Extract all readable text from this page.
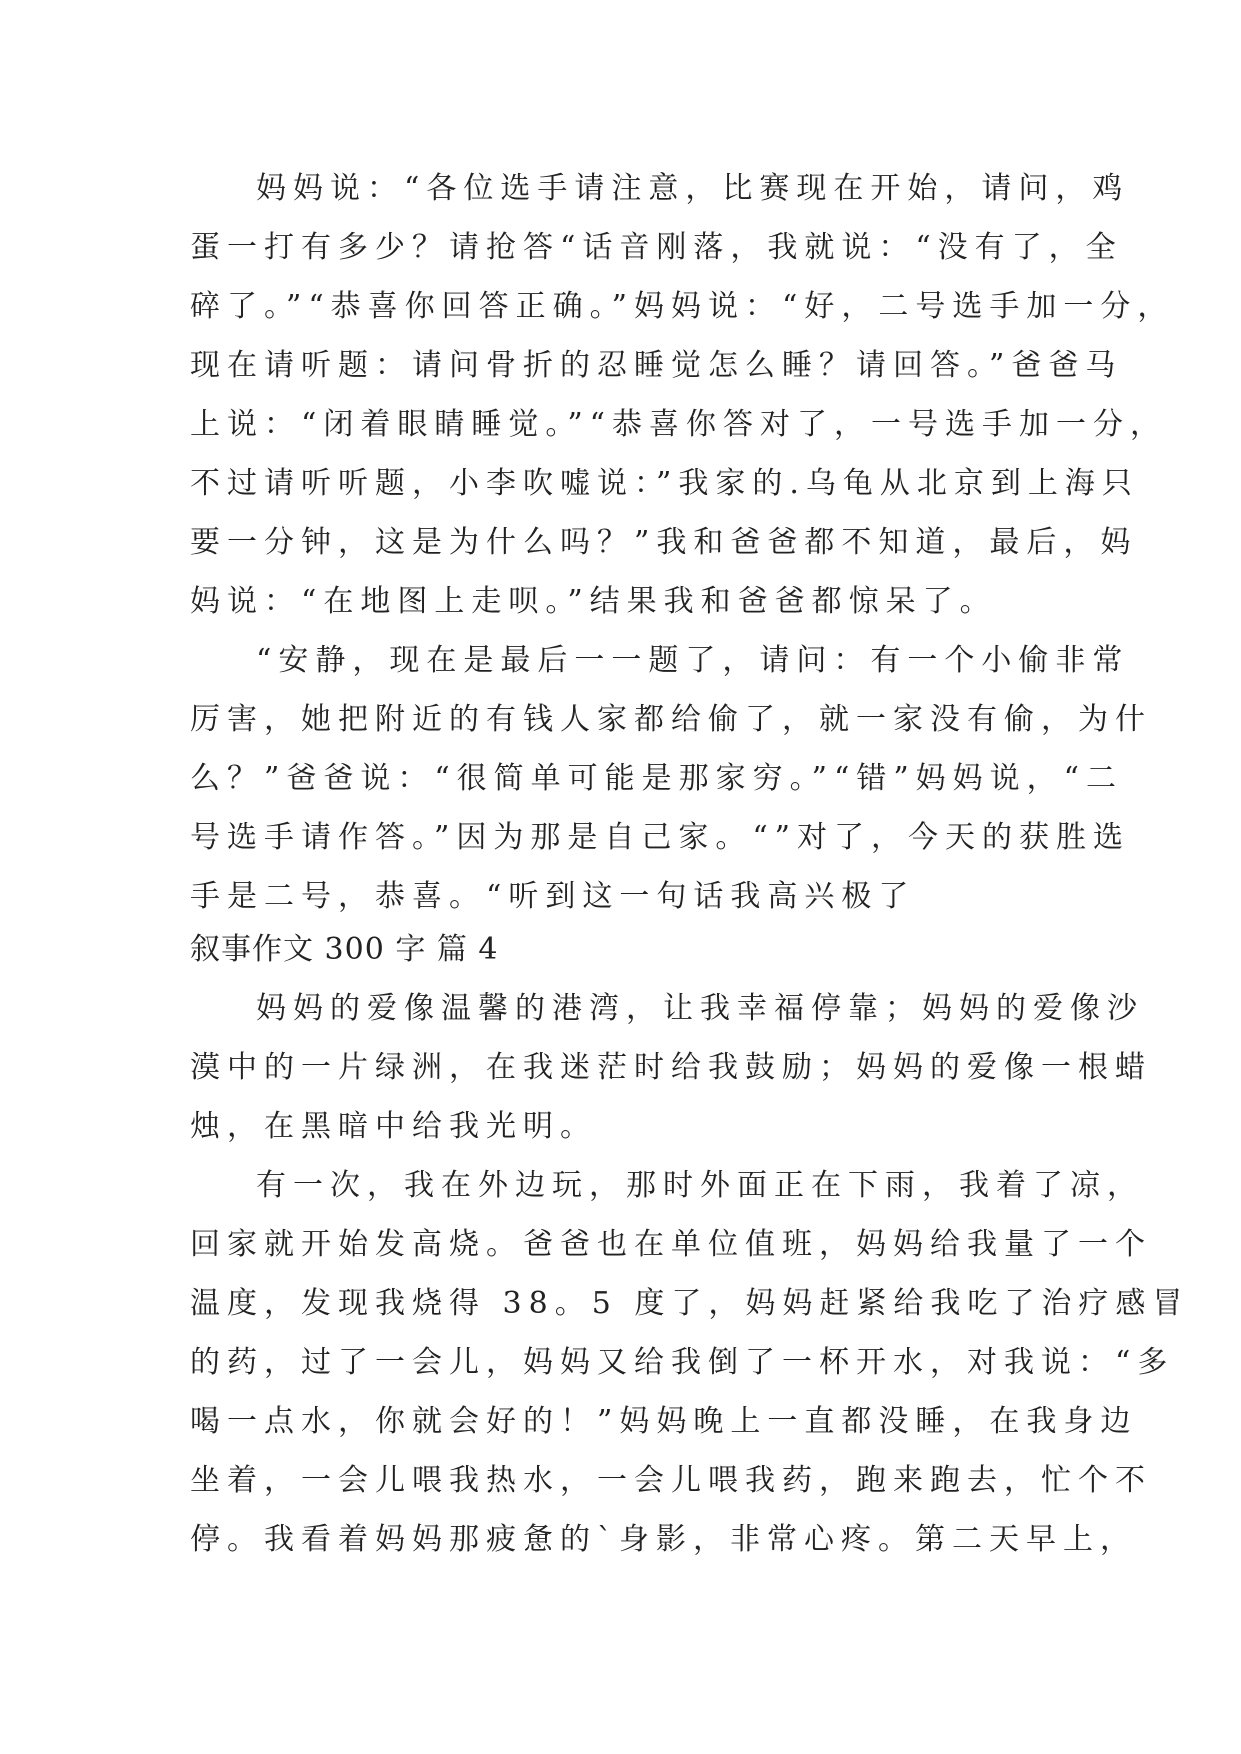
妈妈说：“各位选手请注意，比赛现在开始，请问，鸡
蛋一打有多少？请抢答“话音刚落，我就说：“没有了，全
碎了。”“恭喜你回答正确。”妈妈说：“好，二号选手加一分，
现在请听题：请问骨折的忍睡觉怎么睡？请回答。”爸爸马
上说：“闭着眼睛睡觉。”“恭喜你答对了，一号选手加一分，
不过请听听题，小李吹嘘说：”我家的.乌龟从北京到上海只
要一分钟，这是为什么吗？”我和爸爸都不知道，最后，妈
妈说：“在地图上走呗。”结果我和爸爸都惊呆了。
“安静，现在是最后一一题了，请问：有一个小偷非常
厉害，她把附近的有钱人家都给偷了，就一家没有偷，为什
么？”爸爸说：“很简单可能是那家穷。”“错”妈妈说，“二
号选手请作答。”因为那是自己家。“”对了，今天的获胜选
手是二号，恭喜。“听到这一句话我高兴极了
叙事作文 300 字 篇 4
妈妈的爱像温馨的港湾，让我幸福停靠；妈妈的爱像沙
漠中的一片绿洲，在我迷茫时给我鼓励；妈妈的爱像一根蜡
烛，在黑暗中给我光明。
有一次，我在外边玩，那时外面正在下雨，我着了凉，
回家就开始发高烧。爸爸也在单位值班，妈妈给我量了一个
温度，发现我烧得 38。5 度了，妈妈赶紧给我吃了治疗感冒
的药，过了一会儿，妈妈又给我倒了一杯开水，对我说：“多
喝一点水，你就会好的！”妈妈晚上一直都没睡，在我身边
坐着，一会儿喂我热水，一会儿喂我药，跑来跑去，忙个不
停。我看着妈妈那疲惫的`身影，非常心疼。第二天早上，
